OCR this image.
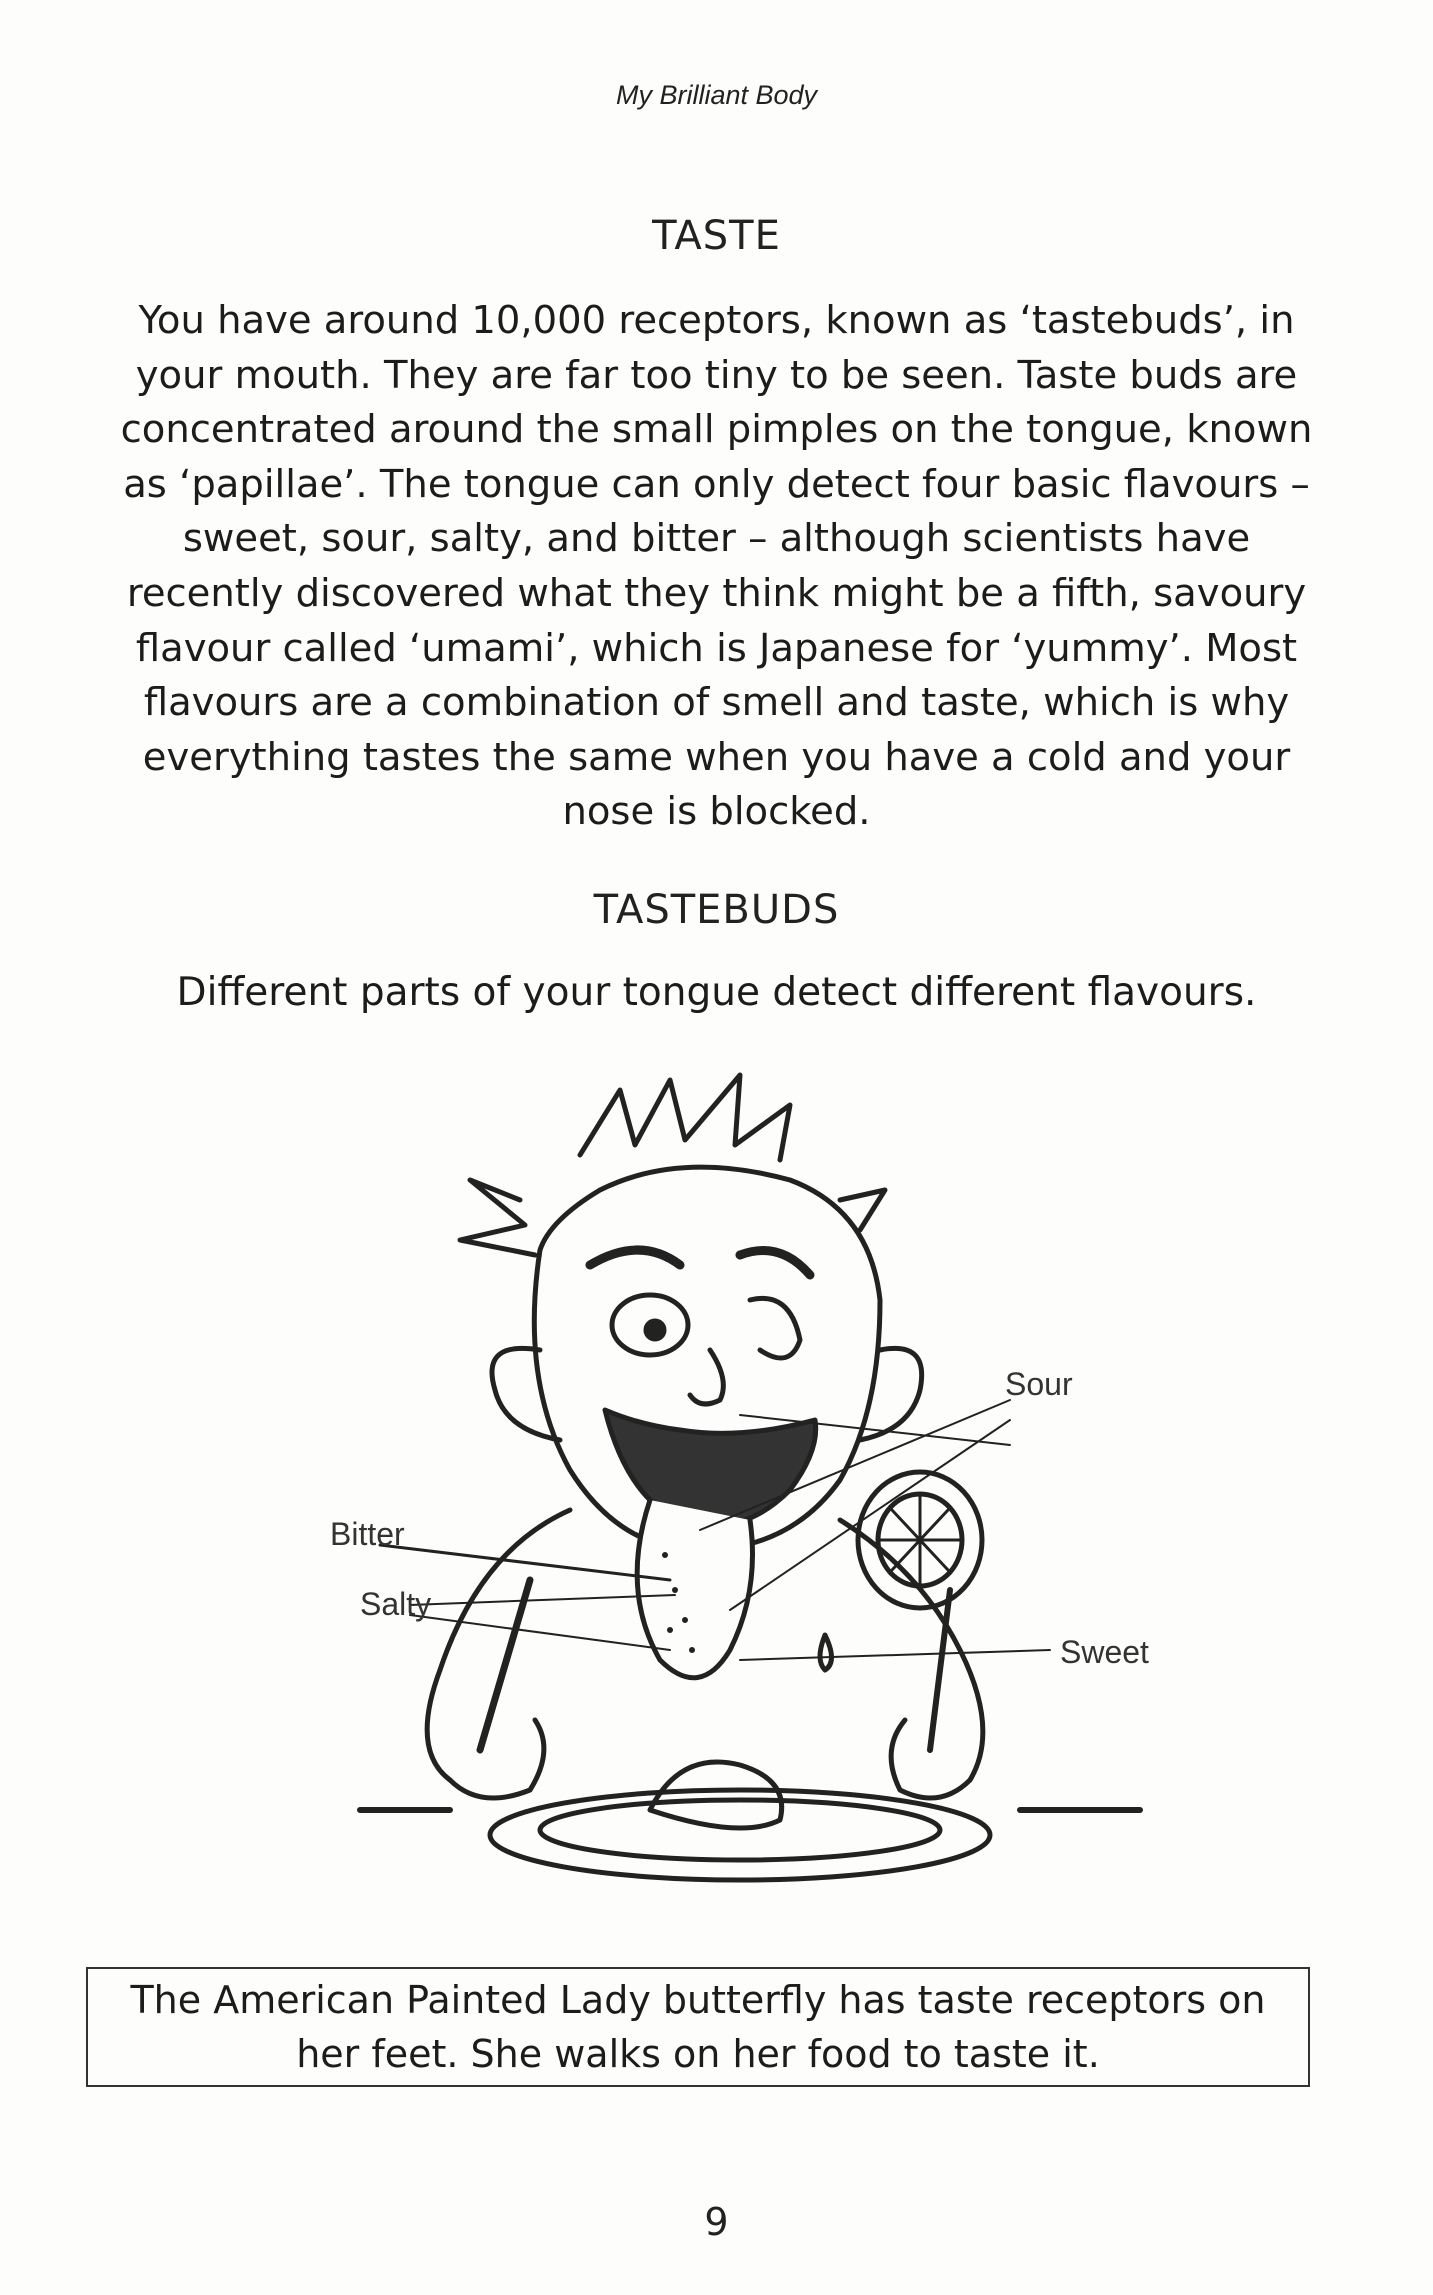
My Brilliant Body
TASTE
You have around 10,000 receptors, known as ‘tastebuds’, in your mouth. They are far too tiny to be seen. Taste buds are concentrated around the small pimples on the tongue, known as ‘papillae’. The tongue can only detect four basic flavours – sweet, sour, salty, and bitter – although scientists have recently discovered what they think might be a fifth, savoury flavour called ‘umami’, which is Japanese for ‘yummy’. Most flavours are a combination of smell and taste, which is why everything tastes the same when you have a cold and your nose is blocked.
TASTEBUDS
Different parts of your tongue detect different flavours.
Sour
Bitter
Salty
Sweet
The American Painted Lady butterfly has taste receptors on her feet. She walks on her food to taste it.
9
